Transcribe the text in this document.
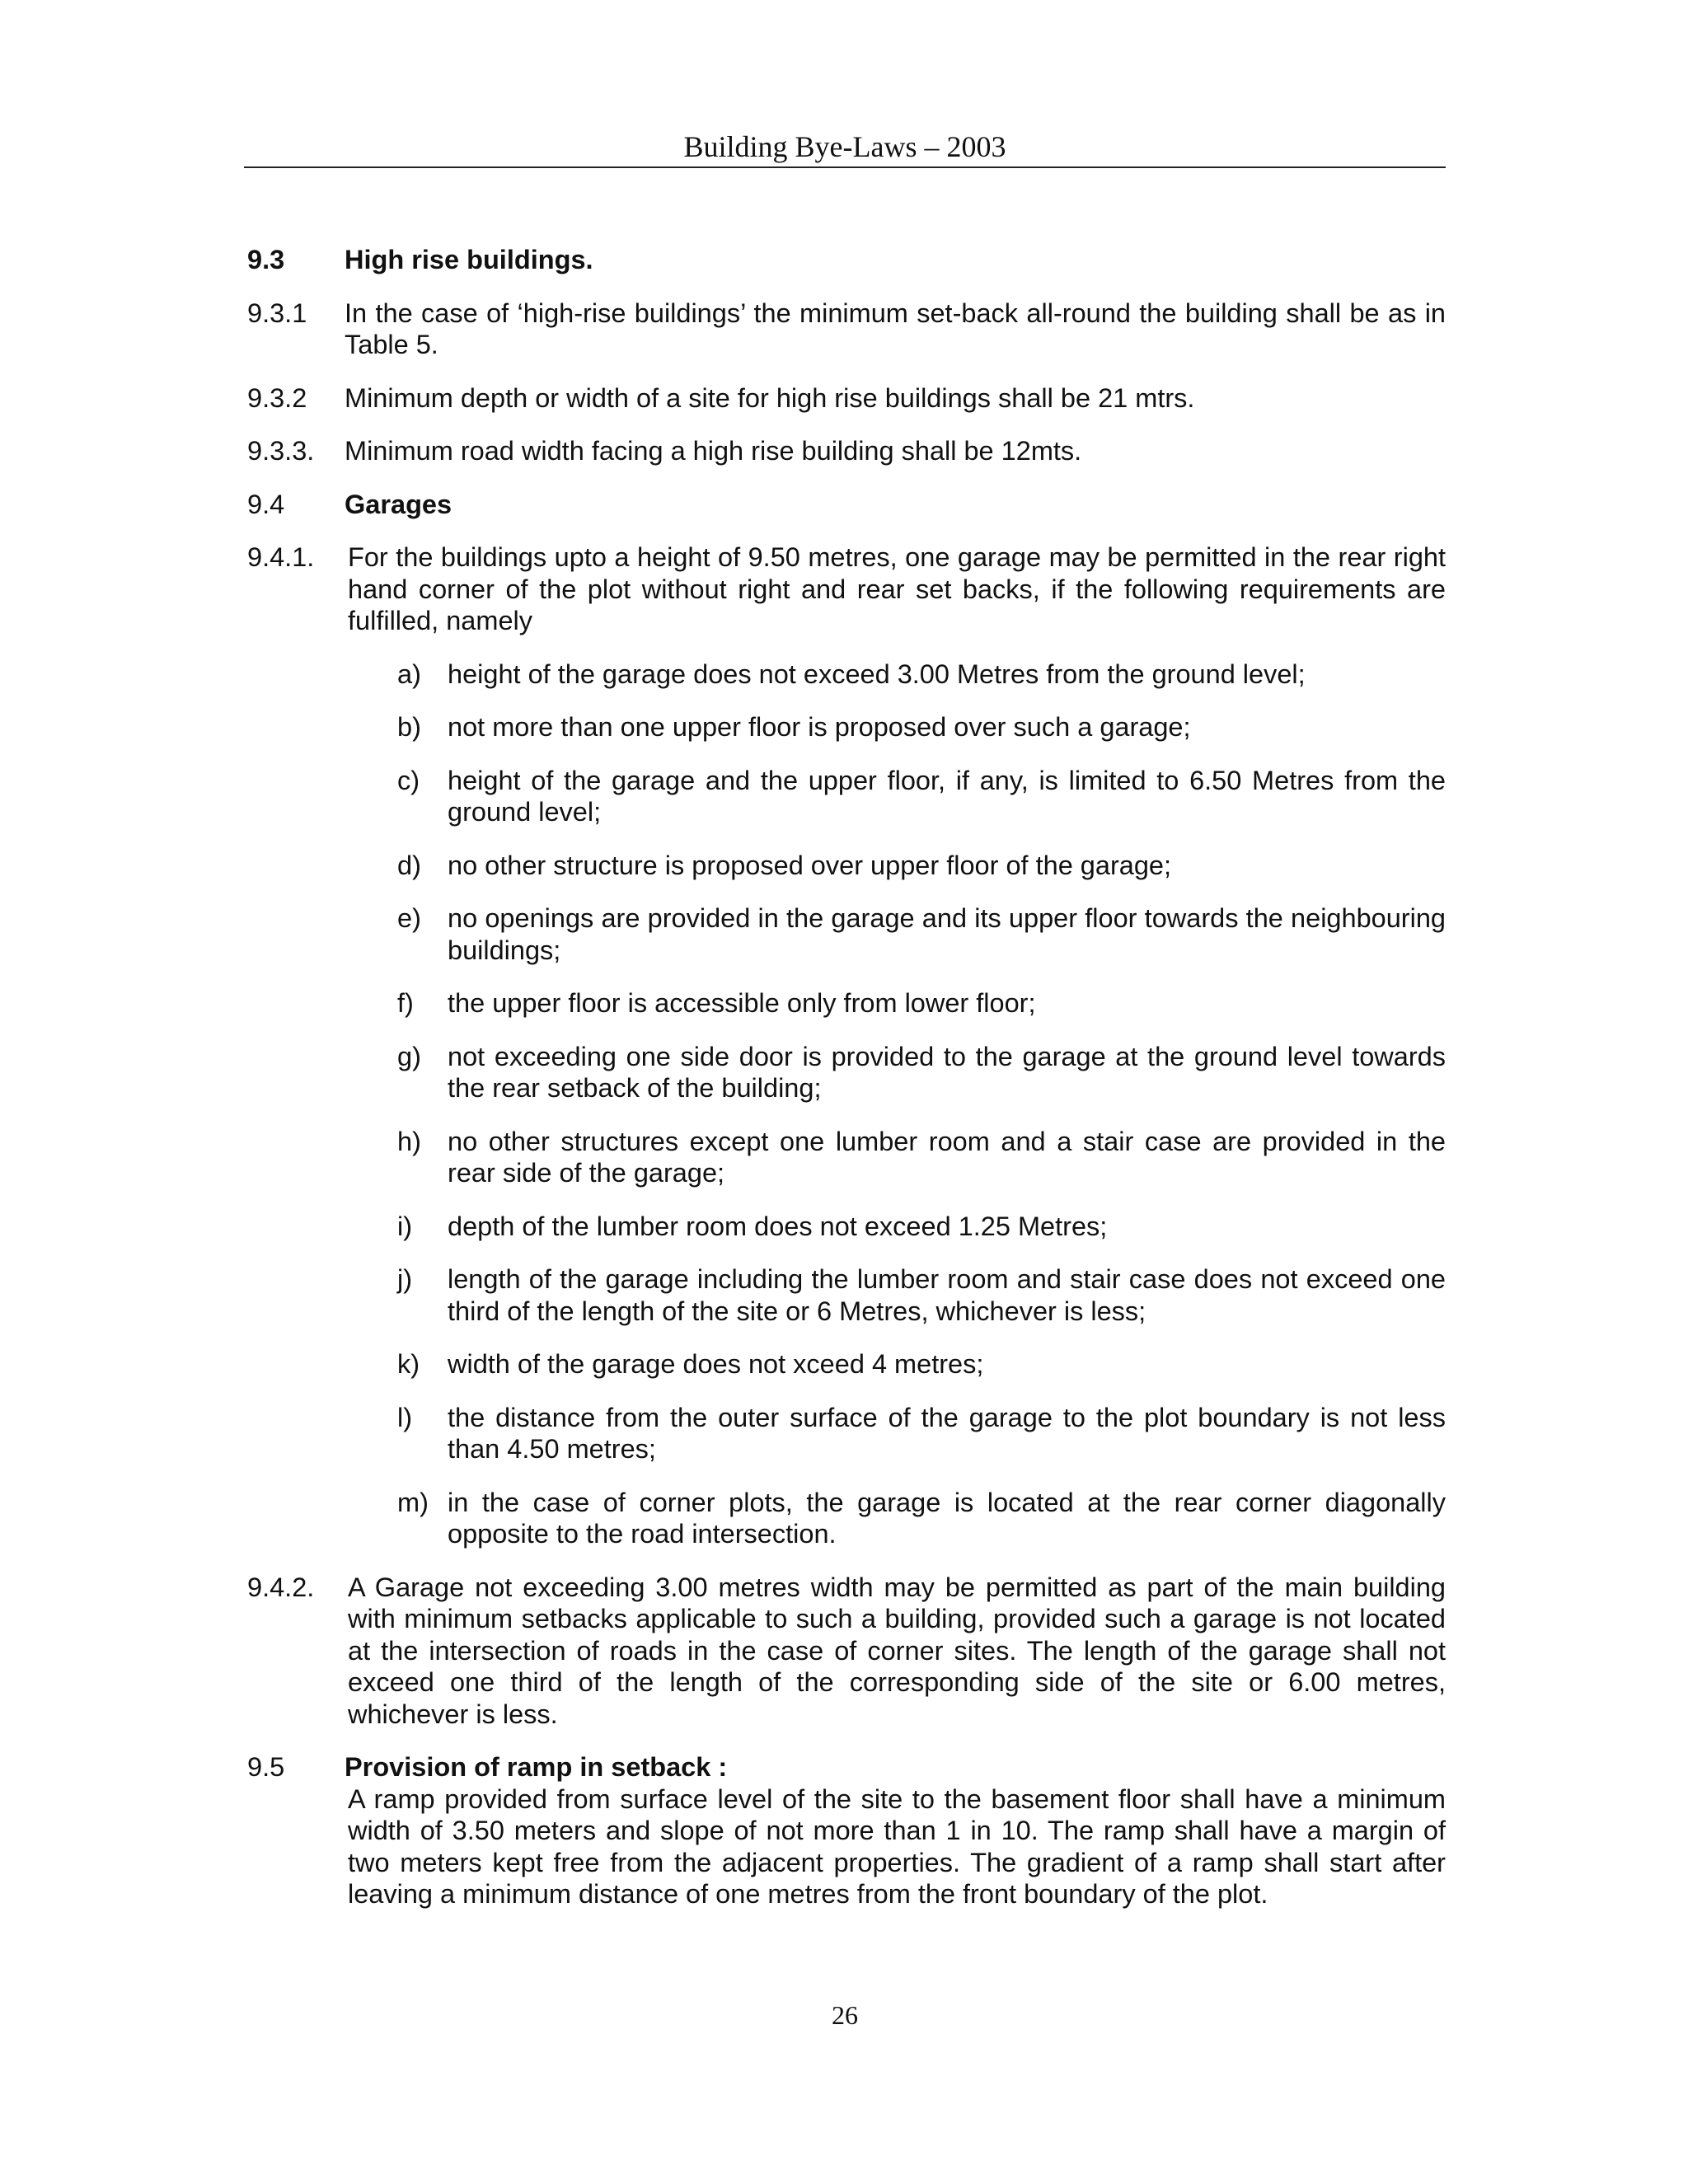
Building Bye-Laws – 2003
9.3	High rise buildings.
9.3.1	In the case of ‘high-rise buildings’ the minimum set-back all-round the building shall be as in Table 5.
9.3.2	Minimum depth or width of a site for high rise buildings shall be 21 mtrs.
9.3.3.	Minimum road width facing a high rise building shall be 12mts.
9.4	Garages
9.4.1.	For the buildings upto a height of 9.50 metres, one garage may be permitted in the rear right hand corner of the plot without right and rear set backs, if the following requirements are fulfilled, namely
a) height of the garage does not exceed 3.00 Metres from the ground level;
b) not more than one upper floor is proposed over such a garage;
c)	height of the garage and the upper floor, if any, is limited to 6.50 Metres from the ground level;
d) no other structure is proposed over upper floor of the garage;
e) no openings are provided in the garage and its upper floor towards the neighbouring buildings;
f)	the upper floor is accessible only from lower floor;
g) not exceeding one side door is provided to the garage at the ground level towards the rear setback of the building;
h) no other structures except one lumber room and a stair case are provided in the rear side of the garage;
i)	depth of the lumber room does not exceed 1.25 Metres;
j)	length of the garage including the lumber room and stair case does not exceed one third of the length of the site or 6 Metres, whichever is less;
k)	width of the garage does not xceed 4 metres;
l)	the distance from the outer surface of the garage to the plot boundary is not less than 4.50 metres;
m) in the case of corner plots, the garage is located at the rear corner diagonally opposite to the road intersection.
9.4.2.	A Garage not exceeding 3.00 metres width may be permitted as part of the main building with minimum setbacks applicable to such a building, provided such a garage is not located at the intersection of roads in the case of corner sites. The length of the garage shall not exceed one third of the length of the corresponding side of the site or 6.00 metres, whichever is less.
9.5	Provision of ramp in setback :
A ramp provided from surface level of the site to the basement floor shall have a minimum width of 3.50 meters and slope of not more than 1 in 10. The ramp shall have a margin of two meters kept free from the adjacent properties. The gradient of a ramp shall start after leaving a minimum distance of one metres from the front boundary of the plot.
26
